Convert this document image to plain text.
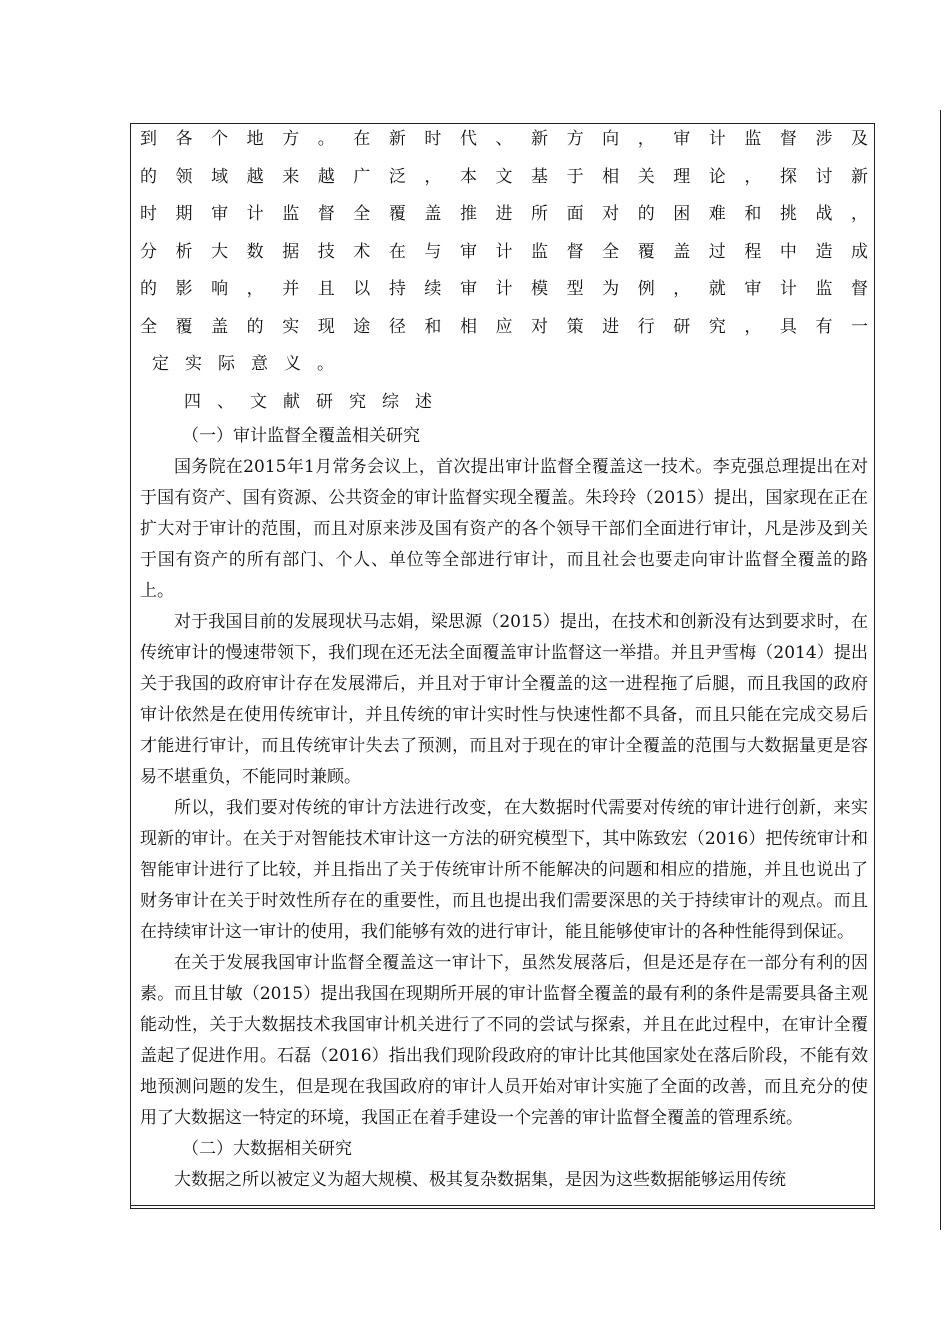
到各个地方。在新时代、新方向，审计监督涉及
的领域越来越广泛，本文基于相关理论，探讨新
时期审计监督全覆盖推进所面对的困难和挑战，
分析大数据技术在与审计监督全覆盖过程中造成
的影响，并且以持续审计模型为例，就审计监督
全覆盖的实现途径和相应对策进行研究，具有一
定实际意义。
四、文献研究综述
（一）审计监督全覆盖相关研究

国务院在2015年1月常务会议上，首次提出审计监督全覆盖这一技术。李克强总理提出在对于国有资产、国有资源、公共资金的审计监督实现全覆盖。朱玲玲（2015）提出，国家现在正在扩大对于审计的范围，而且对原来涉及国有资产的各个领导干部们全面进行审计，凡是涉及到关于国有资产的所有部门、个人、单位等全部进行审计，而且社会也要走向审计监督全覆盖的路上。

对于我国目前的发展现状马志娟，梁思源（2015）提出，在技术和创新没有达到要求时，在传统审计的慢速带领下，我们现在还无法全面覆盖审计监督这一举措。并且尹雪梅（2014）提出关于我国的政府审计存在发展滞后，并且对于审计全覆盖的这一进程拖了后腿，而且我国的政府审计依然是在使用传统审计，并且传统的审计实时性与快速性都不具备，而且只能在完成交易后才能进行审计，而且传统审计失去了预测，而且对于现在的审计全覆盖的范围与大数据量更是容易不堪重负，不能同时兼顾。

所以，我们要对传统的审计方法进行改变，在大数据时代需要对传统的审计进行创新，来实现新的审计。在关于对智能技术审计这一方法的研究模型下，其中陈致宏（2016）把传统审计和智能审计进行了比较，并且指出了关于传统审计所不能解决的问题和相应的措施，并且也说出了财务审计在关于时效性所存在的重要性，而且也提出我们需要深思的关于持续审计的观点。而且在持续审计这一审计的使用，我们能够有效的进行审计，能且能够使审计的各种性能得到保证。

在关于发展我国审计监督全覆盖这一审计下，虽然发展落后，但是还是存在一部分有利的因素。而且甘敏（2015）提出我国在现期所开展的审计监督全覆盖的最有利的条件是需要具备主观能动性，关于大数据技术我国审计机关进行了不同的尝试与探索，并且在此过程中，在审计全覆盖起了促进作用。石磊（2016）指出我们现阶段政府的审计比其他国家处在落后阶段，不能有效地预测问题的发生，但是现在我国政府的审计人员开始对审计实施了全面的改善，而且充分的使用了大数据这一特定的环境，我国正在着手建设一个完善的审计监督全覆盖的管理系统。

（二）大数据相关研究

大数据之所以被定义为超大规模、极其复杂数据集，是因为这些数据能够运用传统
